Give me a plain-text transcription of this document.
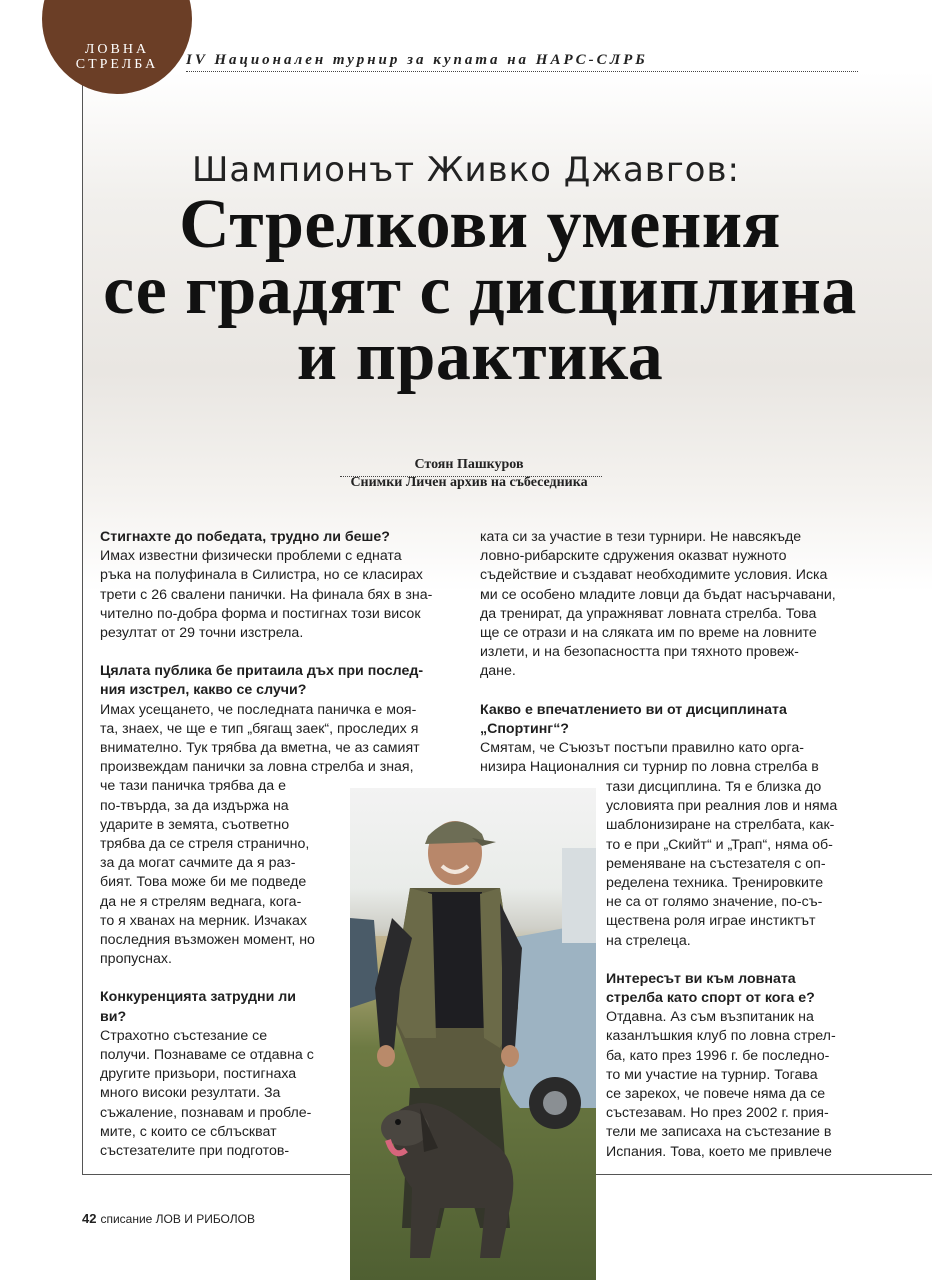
ЛОВНА
СТРЕЛБА	IV Национален турнир за купата на НАРС-СЛРБ
Шампионът Живко Джавгов:
Стрелкови умения
се градят с дисциплина
и практика
Стоян Пашкуров
Снимки Личен архив на събеседника

Стигнахте до победата, трудно ли беше?

Имах известни физически проблеми с едната

ръка на полуфинала в Силистра, но се класирах

трети с 26 свалени панички. На финала бях в зна-

чително по-добра форма и постигнах този висок

резултат от 29 точни изстрела.

Цялата публика бе притаила дъх при послед-

ния изстрел, какво се случи?

Имах усещането, че последната паничка е моя-

та, знаех, че ще е тип „бягащ заек“, проследих я

внимателно. Тук трябва да вметна, че аз самият

произвеждам панички за ловна стрелба и зная,

че тази паничка трябва да е

по-твърда, за да издържа на

ударите в земята, съответно

трябва да се стреля странично,

за да могат сачмите да я раз-

бият. Това може би ме подведе

да не я стрелям веднага, кога-

то я хванах на мерник. Изчаках

последния възможен момент, но

пропуснах.

Конкуренцията затрудни ли

ви?

Страхотно състезание се

получи. Познаваме се отдавна с

другите призьори, постигнаха

много високи резултати. За

съжаление, познавам и пробле-

мите, с които се сблъскват

състезателите при подготов-

ката си за участие в тези турнири. Не навсякъде

ловно-рибарските сдружения оказват нужното

съдействие и създават необходимите условия. Иска

ми се особено младите ловци да бъдат насърчавани,

да тренират, да упражняват ловната стрелба. Това

ще се отрази и на сляката им по време на ловните

излети, и на безопасността при тяхното провеж-

дане.

Какво е впечатлението ви от дисциплината

„Спортинг“?

Смятам, че Съюзът постъпи правилно като орга-

низира Националния си турнир по ловна стрелба в

тази дисциплина. Тя е близка до

условията при реалния лов и няма

шаблонизиране на стрелбата, как-

то е при „Скийт“ и „Трап“, няма об-

ременяване на състезателя с оп-

ределена техника. Тренировките

не са от голямо значение, по-съ-

ществена роля играе инстиктът

на стрелеца.

Интересът ви към ловната

стрелба като спорт от кога е?

Отдавна. Аз съм възпитаник на

казанлъшкия клуб по ловна стрел-

ба, като през 1996 г. бе последно-

то ми участие на турнир. Тогава

се зарекох, че повече няма да се

състезавам. Но през 2002 г. прия-

тели ме записаха на състезание в

Испания. Това, което ме привлече

42 списание ЛОВ И РИБОЛОВ
